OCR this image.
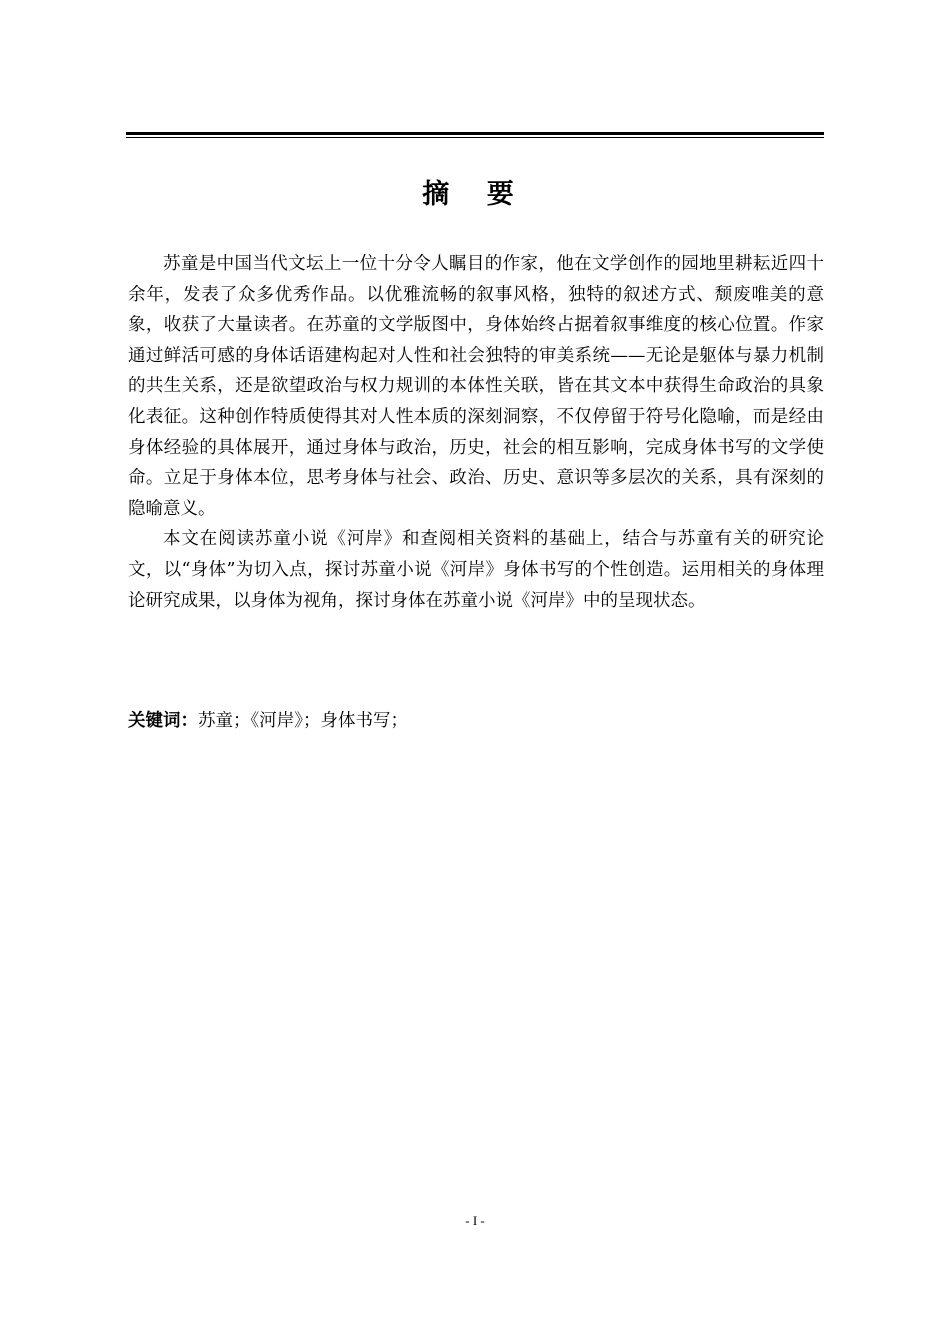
摘 要

苏童是中国当代文坛上一位十分令人瞩目的作家，他在文学创作的园地里耕耘近四十余年，发表了众多优秀作品。以优雅流畅的叙事风格，独特的叙述方式、颓废唯美的意象，收获了大量读者。在苏童的文学版图中，身体始终占据着叙事维度的核心位置。作家通过鲜活可感的身体话语建构起对人性和社会独特的审美系统——无论是躯体与暴力机制的共生关系，还是欲望政治与权力规训的本体性关联，皆在其文本中获得生命政治的具象化表征。这种创作特质使得其对人性本质的深刻洞察，不仅停留于符号化隐喻，而是经由身体经验的具体展开，通过身体与政治，历史，社会的相互影响，完成身体书写的文学使命。立足于身体本位，思考身体与社会、政治、历史、意识等多层次的关系，具有深刻的隐喻意义。

本文在阅读苏童小说《河岸》和查阅相关资料的基础上，结合与苏童有关的研究论文，以“身体”为切入点，探讨苏童小说《河岸》身体书写的个性创造。运用相关的身体理论研究成果，以身体为视角，探讨身体在苏童小说《河岸》中的呈现状态。

关键词：苏童；《河岸》；身体书写；
- I -
